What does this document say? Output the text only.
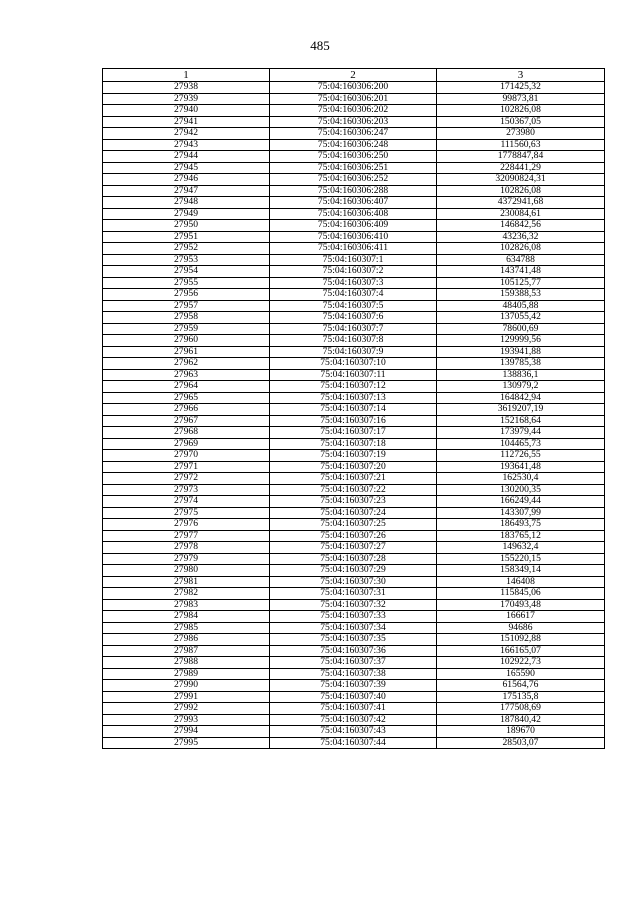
485
1	2	3
27938	75:04:160306:200	171425,32
27939	75:04:160306:201	99873,81
27940	75:04:160306:202	102826,08
27941	75:04:160306:203	150367,05
27942	75:04:160306:247	273980
27943	75:04:160306:248	111560,63
27944	75:04:160306:250	1778847,84
27945	75:04:160306:251	228441,29
27946	75:04:160306:252	32090824,31
27947	75:04:160306:288	102826,08
27948	75:04:160306:407	4372941,68
27949	75:04:160306:408	230084,61
27950	75:04:160306:409	146842,56
27951	75:04:160306:410	43236,32
27952	75:04:160306:411	102826,08
27953	75:04:160307:1	634788
27954	75:04:160307:2	143741,48
27955	75:04:160307:3	105125,77
27956	75:04:160307:4	159388,53
27957	75:04:160307:5	48405,88
27958	75:04:160307:6	137055,42
27959	75:04:160307:7	78600,69
27960	75:04:160307:8	129999,56
27961	75:04:160307:9	193941,88
27962	75:04:160307:10	139785,38
27963	75:04:160307:11	138836,1
27964	75:04:160307:12	130979,2
27965	75:04:160307:13	164842,94
27966	75:04:160307:14	3619207,19
27967	75:04:160307:16	152168,64
27968	75:04:160307:17	173979,44
27969	75:04:160307:18	104465,73
27970	75:04:160307:19	112726,55
27971	75:04:160307:20	193641,48
27972	75:04:160307:21	162530,4
27973	75:04:160307:22	130200,35
27974	75:04:160307:23	166249,44
27975	75:04:160307:24	143307,99
27976	75:04:160307:25	186493,75
27977	75:04:160307:26	183765,12
27978	75:04:160307:27	149632,4
27979	75:04:160307:28	155220,15
27980	75:04:160307:29	158349,14
27981	75:04:160307:30	146408
27982	75:04:160307:31	115845,06
27983	75:04:160307:32	170493,48
27984	75:04:160307:33	166617
27985	75:04:160307:34	94686
27986	75:04:160307:35	151092,88
27987	75:04:160307:36	166165,07
27988	75:04:160307:37	102922,73
27989	75:04:160307:38	165590
27990	75:04:160307:39	61564,76
27991	75:04:160307:40	175135,8
27992	75:04:160307:41	177508,69
27993	75:04:160307:42	187840,42
27994	75:04:160307:43	189670
27995	75:04:160307:44	28503,07
